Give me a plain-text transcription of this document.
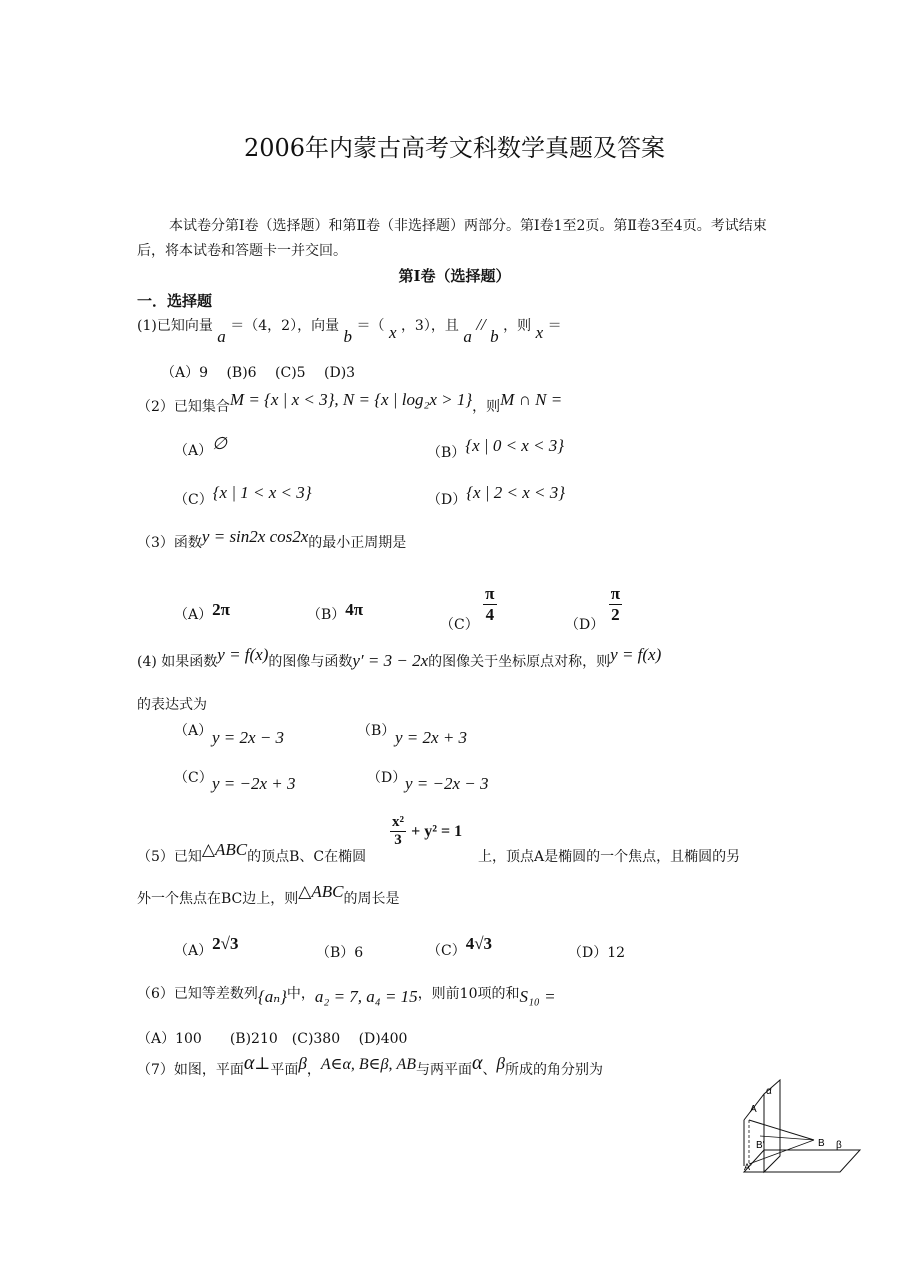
2006年内蒙古高考文科数学真题及答案
本试卷分第Ⅰ卷（选择题）和第Ⅱ卷（非选择题）两部分。第Ⅰ卷1至2页。第Ⅱ卷3至4页。考试结束后，将本试卷和答题卡一并交回。
第Ⅰ卷（选择题）
一．选择题
(1)已知向量 a ＝（4，2），向量 b ＝（ x ，3），且 a // b ，则 x ＝
（A）9　 (B)6　 (C)5　 (D)3
（2）已知集合M = {x | x < 3}, N = {x | log₂x > 1}，则M ∩ N =
（A）∅	（B）{x | 0 < x < 3}
（C）{x | 1 < x < 3}	（D）{x | 2 < x < 3}
（3）函数y = sin2x cos2x的最小正周期是
（A）2π	（B）4π
$(C) \frac{\pi}{4}$	$(D) \frac{\pi}{2}$
(4) 如果函数y = f(x)的图像与函数y′ = 3 − 2x的图像关于坐标原点对称，则y = f(x)
的表达式为
（A） y = 2x − 3	（B） y = 2x + 3
（C） y = −2x + 3	（D）
y = −2x − 3
（5）已知△ABC的顶点B、C在椭圆
$\frac{\text{x²}}{3} + y^2 = 1$
上，顶点A是椭圆的一个焦点，且椭圆的另
外一个焦点在BC边上，则△ABC的周长是
（A）2√3	（B）6	（C）4√3	（D）12
（6）已知等差数列{aₙ}中，a₂ = 7, a₄ = 15，则前10项的和S₁₀ =
（A）100　　(B)210　(C)380　 (D)400
（7）如图，平面α⊥平面β，A∈α, B∈β, AB与两平面α、β所成的角分别为
α
A
B'	B β
A'
